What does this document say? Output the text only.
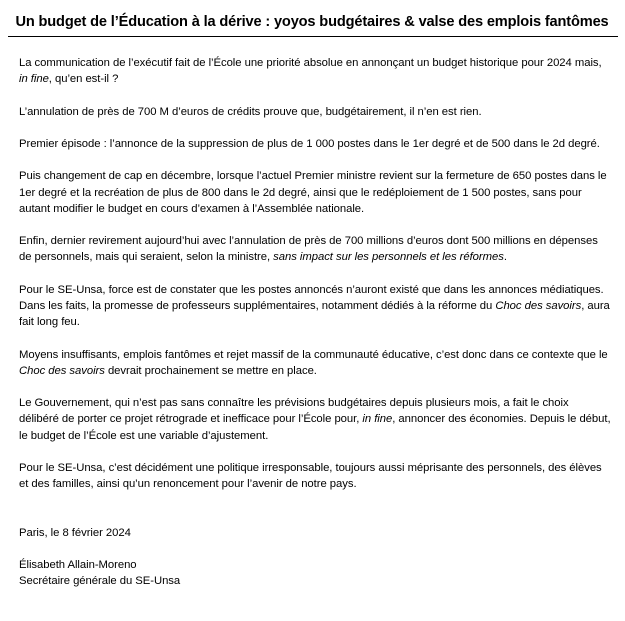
Un budget de l’Éducation à la dérive : yoyos budgétaires & valse des emplois fantômes

La communication de l’exécutif fait de l’École une priorité absolue en annonçant un budget historique pour 2024 mais, in fine, qu’en est-il ?

L’annulation de près de 700 M d’euros de crédits prouve que, budgétairement, il n’en est rien.

Premier épisode : l’annonce de la suppression de plus de 1 000 postes dans le 1er degré et de 500 dans le 2d degré.

Puis changement de cap en décembre, lorsque l’actuel Premier ministre revient sur la fermeture de 650 postes dans le 1er degré et la recréation de plus de 800 dans le 2d degré, ainsi que le redéploiement de 1 500 postes, sans pour autant modifier le budget en cours d’examen à l’Assemblée nationale.

Enfin, dernier revirement aujourd’hui avec l’annulation de près de 700 millions d’euros dont 500 millions en dépenses de personnels, mais qui seraient, selon la ministre, sans impact sur les personnels et les réformes.

Pour le SE-Unsa, force est de constater que les postes annoncés n’auront existé que dans les annonces médiatiques. Dans les faits, la promesse de professeurs supplémentaires, notamment dédiés à la réforme du Choc des savoirs, aura fait long feu.

Moyens insuffisants, emplois fantômes et rejet massif de la communauté éducative, c’est donc dans ce contexte que le Choc des savoirs devrait prochainement se mettre en place.

Le Gouvernement, qui n’est pas sans connaître les prévisions budgétaires depuis plusieurs mois, a fait le choix délibéré de porter ce projet rétrograde et inefficace pour l’École pour, in fine, annoncer des économies. Depuis le début, le budget de l’École est une variable d’ajustement.

Pour le SE-Unsa, c’est décidément une politique irresponsable, toujours aussi méprisante des personnels, des élèves et des familles, ainsi qu’un renoncement pour l’avenir de notre pays.

Paris, le 8 février 2024

Élisabeth Allain-Moreno

Secrétaire générale du SE-Unsa
